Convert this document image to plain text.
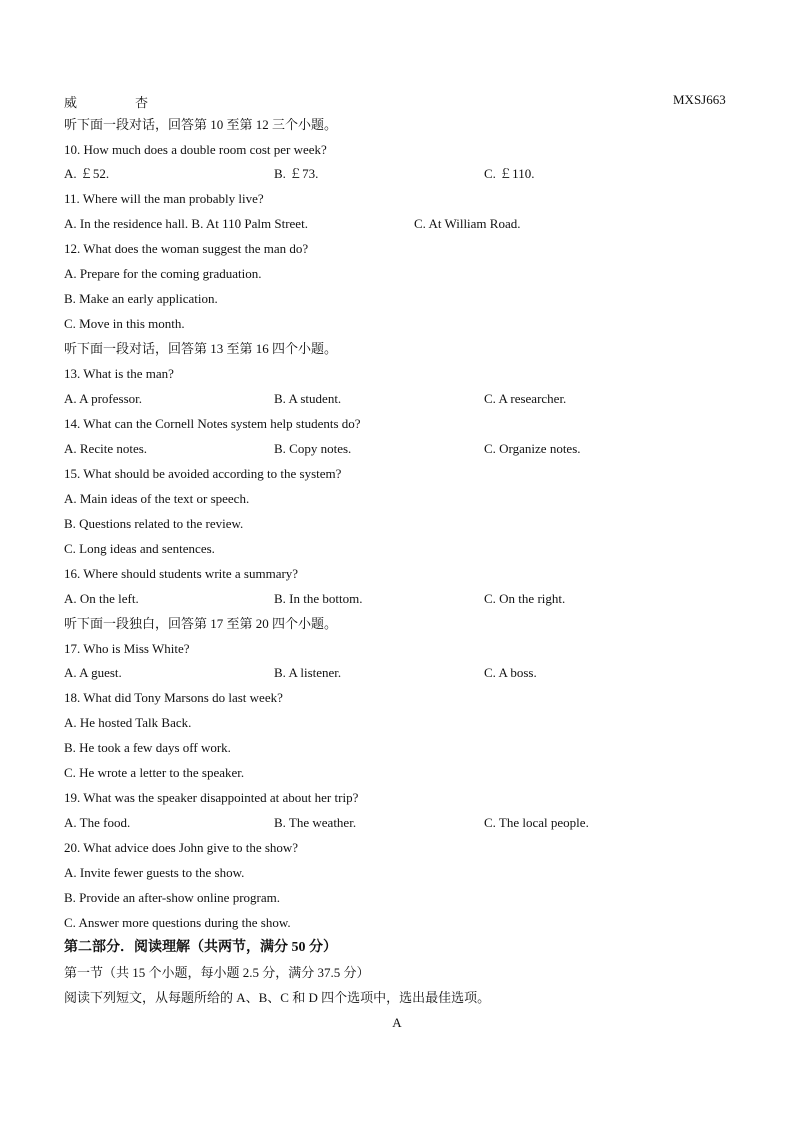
威	杏	MXSJ663
听下面一段对话，回答第 10 至第 12 三个小题。
10. How much does a double room cost per week?
A. ￡52.	B. ￡73.	C. ￡110.
11. Where will the man probably live?
A. In the residence hall. B. At 110 Palm Street.	C. At William Road.
12. What does the woman suggest the man do?
A. Prepare for the coming graduation.
B. Make an early application.
C. Move in this month.
听下面一段对话，回答第 13 至第 16 四个小题。
13. What is the man?
A. A professor.	B. A student.	C. A researcher.
14. What can the Cornell Notes system help students do?
A. Recite notes.	B. Copy notes.	C. Organize notes.
15. What should be avoided according to the system?
A. Main ideas of the text or speech.
B. Questions related to the review.
C. Long ideas and sentences.
16. Where should students write a summary?
A. On the left.	B. In the bottom.	C. On the right.
听下面一段独白，回答第 17 至第 20 四个小题。
17. Who is Miss White?
A. A guest.	B. A listener.	C. A boss.
18. What did Tony Marsons do last week?
A. He hosted Talk Back.
B. He took a few days off work.
C. He wrote a letter to the speaker.
19. What was the speaker disappointed at about her trip?
A. The food.	B. The weather.	C. The local people.
20. What advice does John give to the show?
A. Invite fewer guests to the show.
B. Provide an after-show online program.
C. Answer more questions during the show.
第二部分．阅读理解（共两节，满分 50 分）
第一节（共 15 个小题，每小题 2.5 分，满分 37.5 分）
阅读下列短文，从每题所给的 A、B、C 和 D 四个选项中，选出最佳选项。
A
